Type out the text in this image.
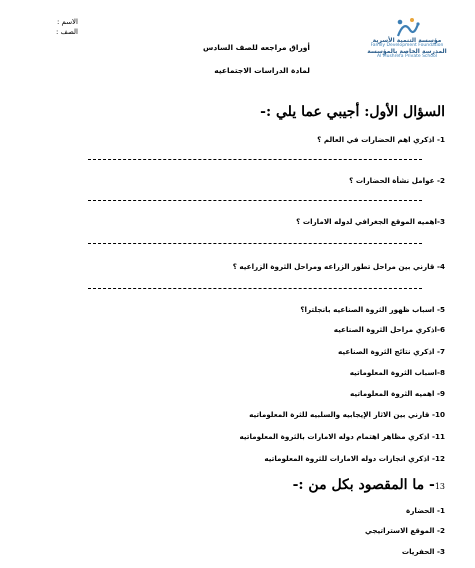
الاسم :
الصف :
أوراق مراجعه للصف السادس
لمادة الدراسات الاجتماعيه
مؤسسة التنمية الأسرية
Family Development Foundation
المدرسة الخاصة بالمؤسسة
Al Mushrefa Private School
السؤال الأول: أجيبي عما يلي :-
1- اذكري اهم الحضارات في العالم ؟
2- عوامل نشأة الحضارات ؟
3-اهميه الموقع الجغرافي لدوله الامارات ؟
4- قارني بين مراحل تطور الزراعه ومراحل الثروة الزراعيه ؟
5- اسباب ظهور الثروة الصناعيه بانجلترا؟
6-اذكري مراحل الثروة الصناعيه
7- اذكري نتائج الثروة الصناعيه
8-اسباب الثروة المعلوماتيه
9- اهميه الثروة المعلوماتيه
10- قارني بين الاثار الإيجابيه والسلبيه للثرة المعلوماتيه
11- اذكري مظاهر اهتمام دوله الامارات بالثروة المعلوماتيه
12- اذكري انجازات دوله الامارات للثروة المعلوماتيه
13- ما المقصود بكل من :-
1- الحضارة
2- الموقع الاستراتيجي
3- الحفريات
